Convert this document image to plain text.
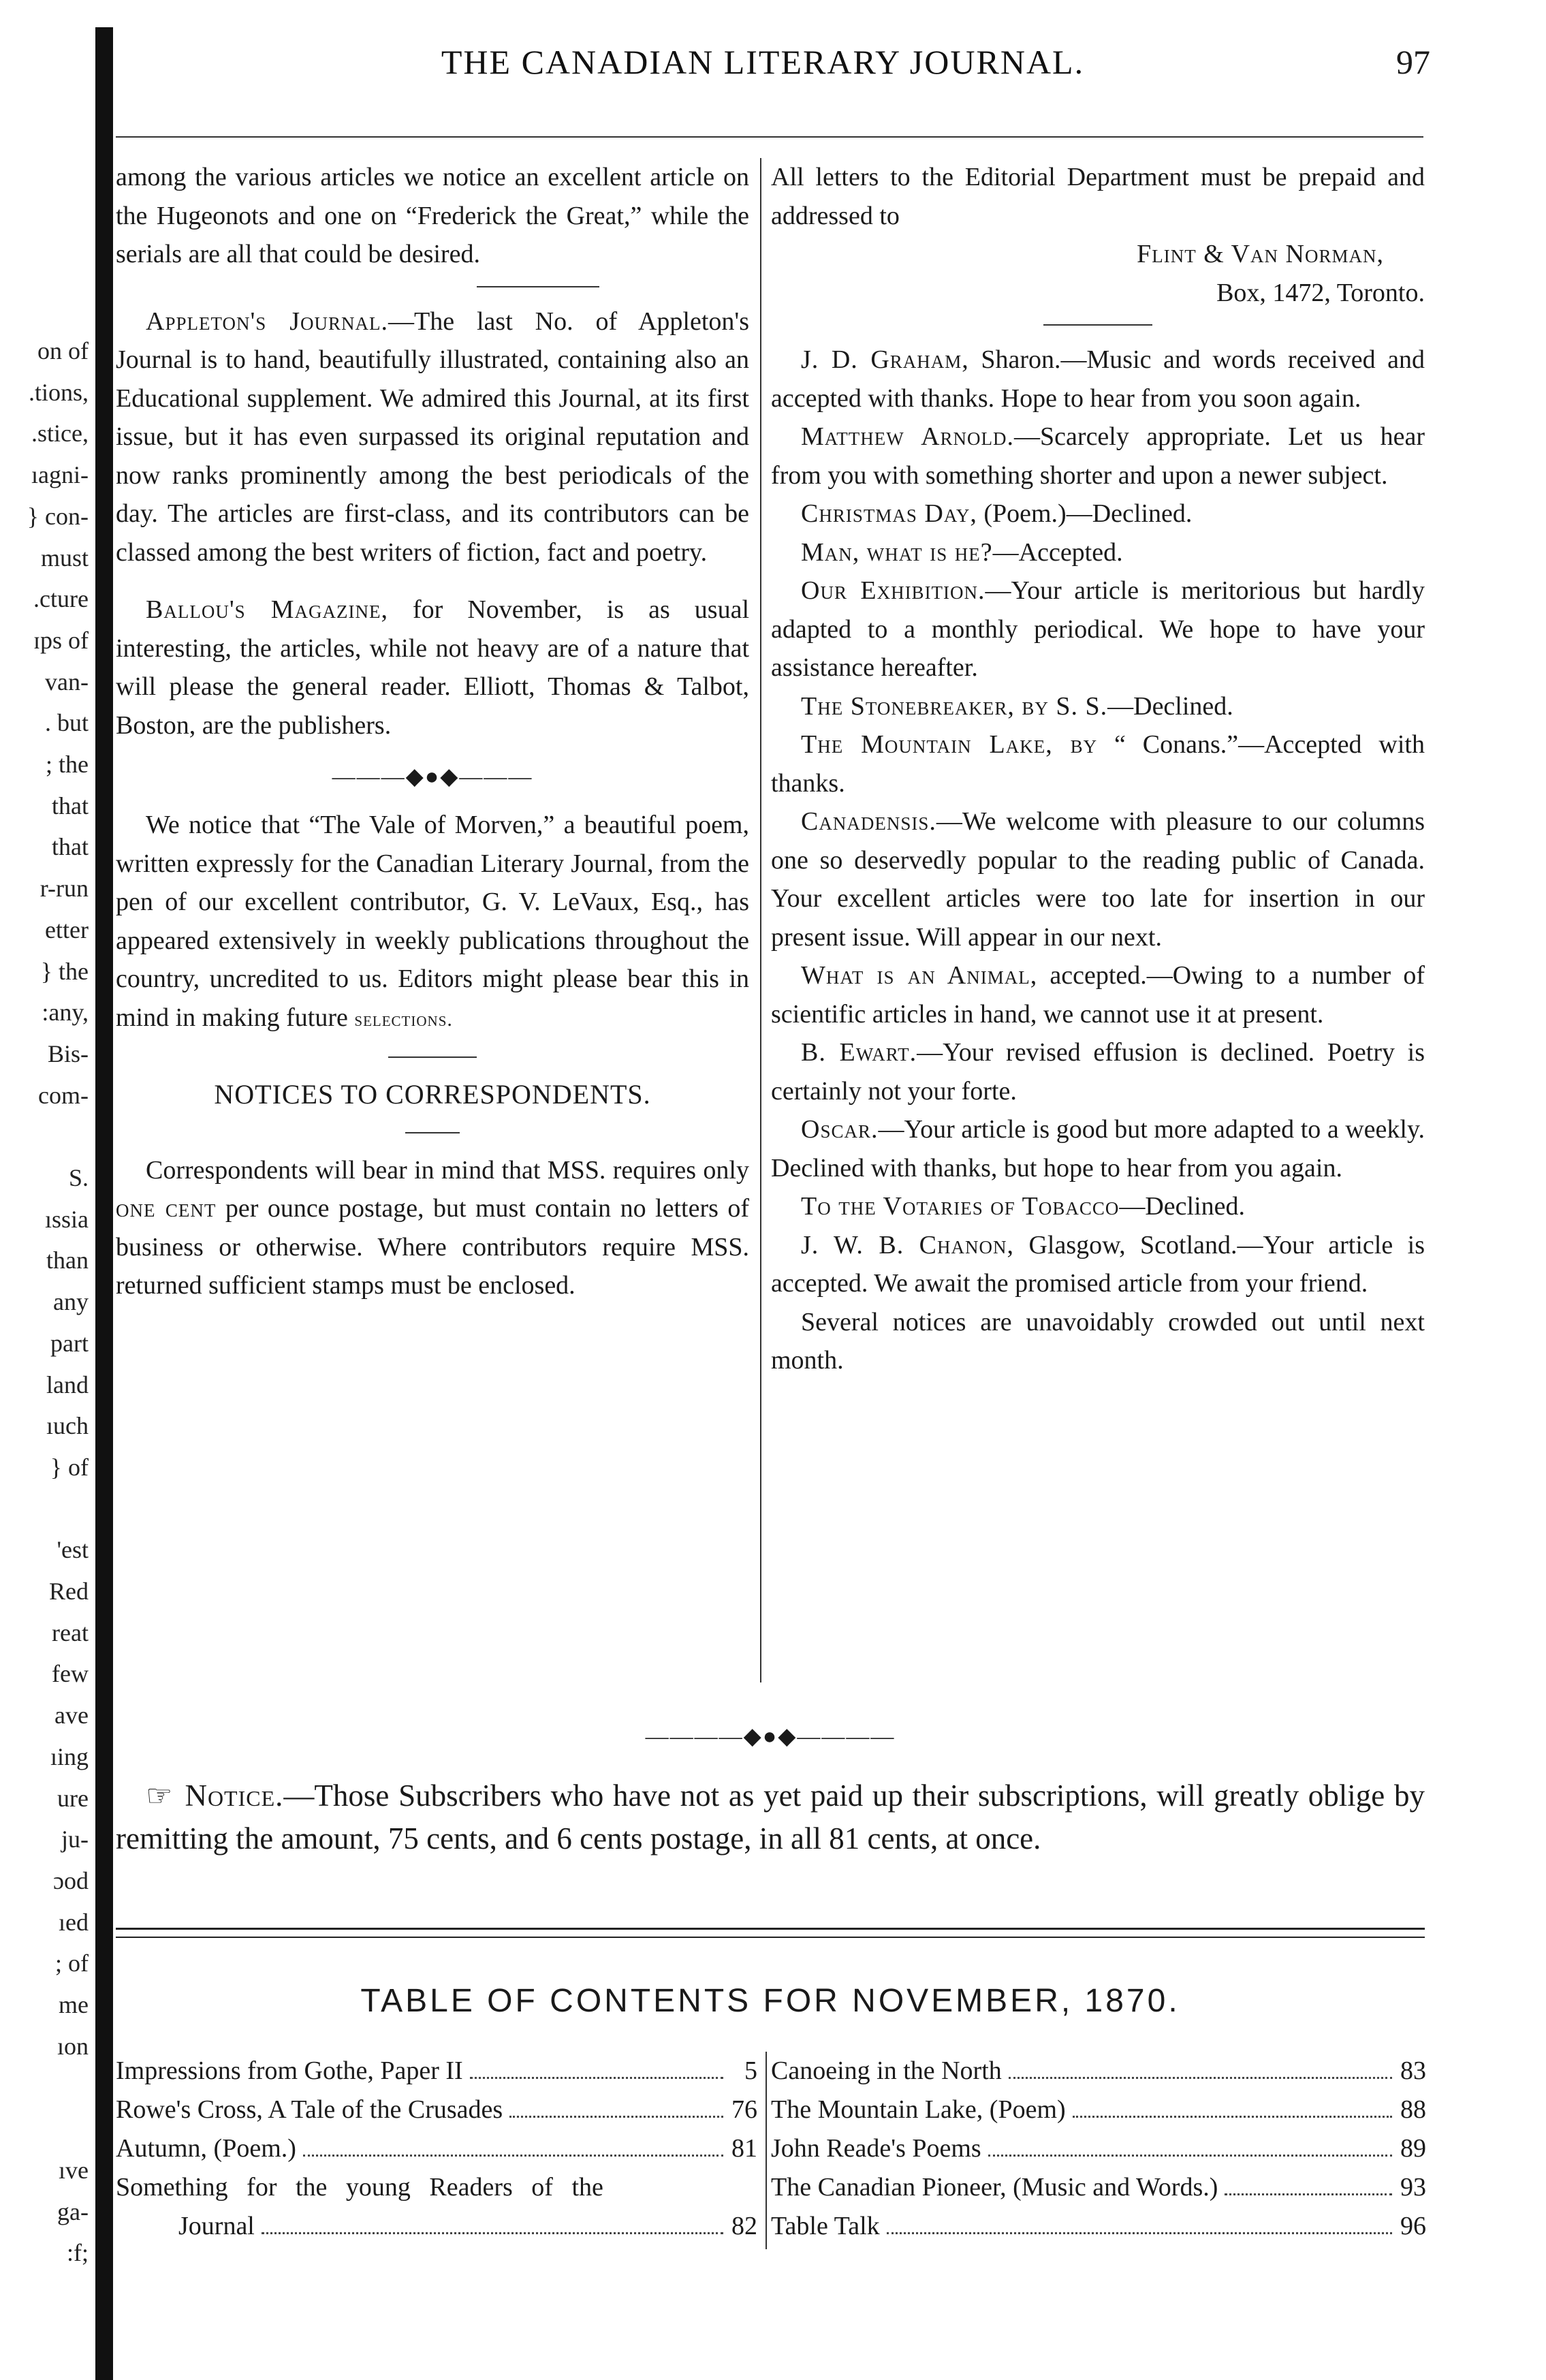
on of
.tions,
.stice,
ıagni-
} con-
must
.cture
ɪps of
van-
. but
; the
that
that
r-run
etter
} the
:any,
Bis-
com-
S.
ıssia
than
any
part
land
ıuch
} of
'est
Red
reat
few
ave
ıing
ure
ju-
ɔod
ıed
; of
me
ıon
ıve
ga-
:f;
THE CANADIAN LITERARY JOURNAL.	97

among the various articles we notice an excellent article on the Hugeonots and one on “Frederick the Great,” while the serials are all that could be desired.

Appleton's Journal.—The last No. of Appleton's Journal is to hand, beautifully illustrated, containing also an Educational supplement. We admired this Journal, at its first issue, but it has even surpassed its original reputation and now ranks prominently among the best periodicals of the day. The articles are first-class, and its contributors can be classed among the best writers of fiction, fact and poetry.

Ballou's Magazine, for November, is as usual interesting, the articles, while not heavy are of a nature that will please the general reader. Elliott, Thomas & Talbot, Boston, are the publishers.

———◆●◆———

We notice that “The Vale of Morven,” a beautiful poem, written expressly for the Canadian Literary Journal, from the pen of our excellent contributor, G. V. LeVaux, Esq., has appeared extensively in weekly publications throughout the country, uncredited to us. Editors might please bear this in mind in making future selections.

NOTICES TO CORRESPONDENTS.

Correspondents will bear in mind that MSS. requires only one cent per ounce postage, but must contain no letters of business or otherwise. Where contributors require MSS. returned sufficient stamps must be enclosed.

All letters to the Editorial Department must be prepaid and addressed to

Flint & Van Norman,

Box, 1472, Toronto.

J. D. Graham, Sharon.—Music and words received and accepted with thanks. Hope to hear from you soon again.

Matthew Arnold.—Scarcely appropriate. Let us hear from you with something shorter and upon a newer subject.

Christmas Day, (Poem.)—Declined.

Man, what is he?—Accepted.

Our Exhibition.—Your article is meritorious but hardly adapted to a monthly periodical. We hope to have your assistance hereafter.

The Stonebreaker, by S. S.—Declined.

The Mountain Lake, by “ Conans.”—Accepted with thanks.

Canadensis.—We welcome with pleasure to our columns one so deservedly popular to the reading public of Canada. Your excellent articles were too late for insertion in our present issue. Will appear in our next.

What is an Animal, accepted.—Owing to a number of scientific articles in hand, we cannot use it at present.

B. Ewart.—Your revised effusion is declined. Poetry is certainly not your forte.

Oscar.—Your article is good but more adapted to a weekly. Declined with thanks, but hope to hear from you again.

To the Votaries of Tobacco—Declined.

J. W. B. Chanon, Glasgow, Scotland.—Your article is accepted. We await the promised article from your friend.

Several notices are unavoidably crowded out until next month.

————◆●◆————
☞ Notice.—Those Subscribers who have not as yet paid up their subscriptions, will greatly oblige by remitting the amount, 75 cents, and 6 cents postage, in all 81 cents, at once.
TABLE OF CONTENTS FOR NOVEMBER, 1870.
Impressions from Gothe, Paper II	5
Rowe's Cross, A Tale of the Crusades	76
Autumn, (Poem.)	81
Something for the young Readers of the
Journal	82
Canoeing in the North	83
The Mountain Lake, (Poem)	88
John Reade's Poems	89
The Canadian Pioneer, (Music and Words.)	93
Table Talk	96
